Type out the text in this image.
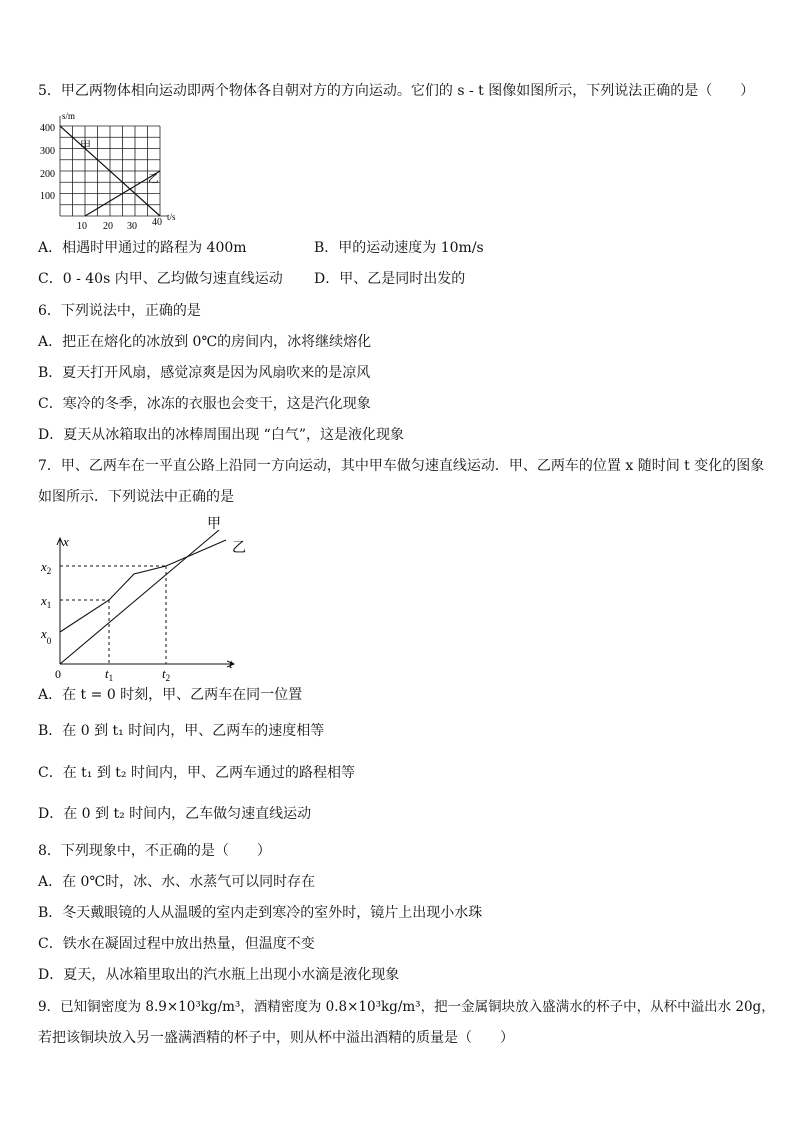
5．甲乙两物体相向运动即两个物体各自朝对方的方向运动。它们的 s - t 图像如图所示，下列说法正确的是（　　）
s/m
400
300
200
100
10 20 30 40 t/s
甲
乙
A．相遇时甲通过的路程为 400m	B．甲的运动速度为 10m/s
C．0 - 40s 内甲、乙均做匀速直线运动 D．甲、乙是同时出发的
6．下列说法中，正确的是
A．把正在熔化的冰放到 0℃的房间内，冰将继续熔化
B．夏天打开风扇，感觉凉爽是因为风扇吹来的是凉风
C．寒冷的冬季，冰冻的衣服也会变干，这是汽化现象
D．夏天从冰箱取出的冰棒周围出现 “白气”，这是液化现象
7．甲、乙两车在一平直公路上沿同一方向运动，其中甲车做匀速直线运动．甲、乙两车的位置 x 随时间 t 变化的图象
如图所示．下列说法中正确的是
甲
乙
x
t
0
$x_2$
$x_1$
$x_0$
$t_1$	$t_2$
A．在 t = 0 时刻，甲、乙两车在同一位置
B．在 0 到 t₁ 时间内，甲、乙两车的速度相等
C．在 t₁ 到 t₂ 时间内，甲、乙两车通过的路程相等
D．在 0 到 t₂ 时间内，乙车做匀速直线运动
8．下列现象中，不正确的是（　　）
A．在 0℃时，冰、水、水蒸气可以同时存在
B．冬天戴眼镜的人从温暖的室内走到寒冷的室外时，镜片上出现小水珠
C．铁水在凝固过程中放出热量，但温度不变
D．夏天，从冰箱里取出的汽水瓶上出现小水滴是液化现象
9．已知铜密度为 8.9×10³kg/m³，酒精密度为 0.8×10³kg/m³，把一金属铜块放入盛满水的杯子中，从杯中溢出水 20g，
若把该铜块放入另一盛满酒精的杯子中，则从杯中溢出酒精的质量是（　　）
